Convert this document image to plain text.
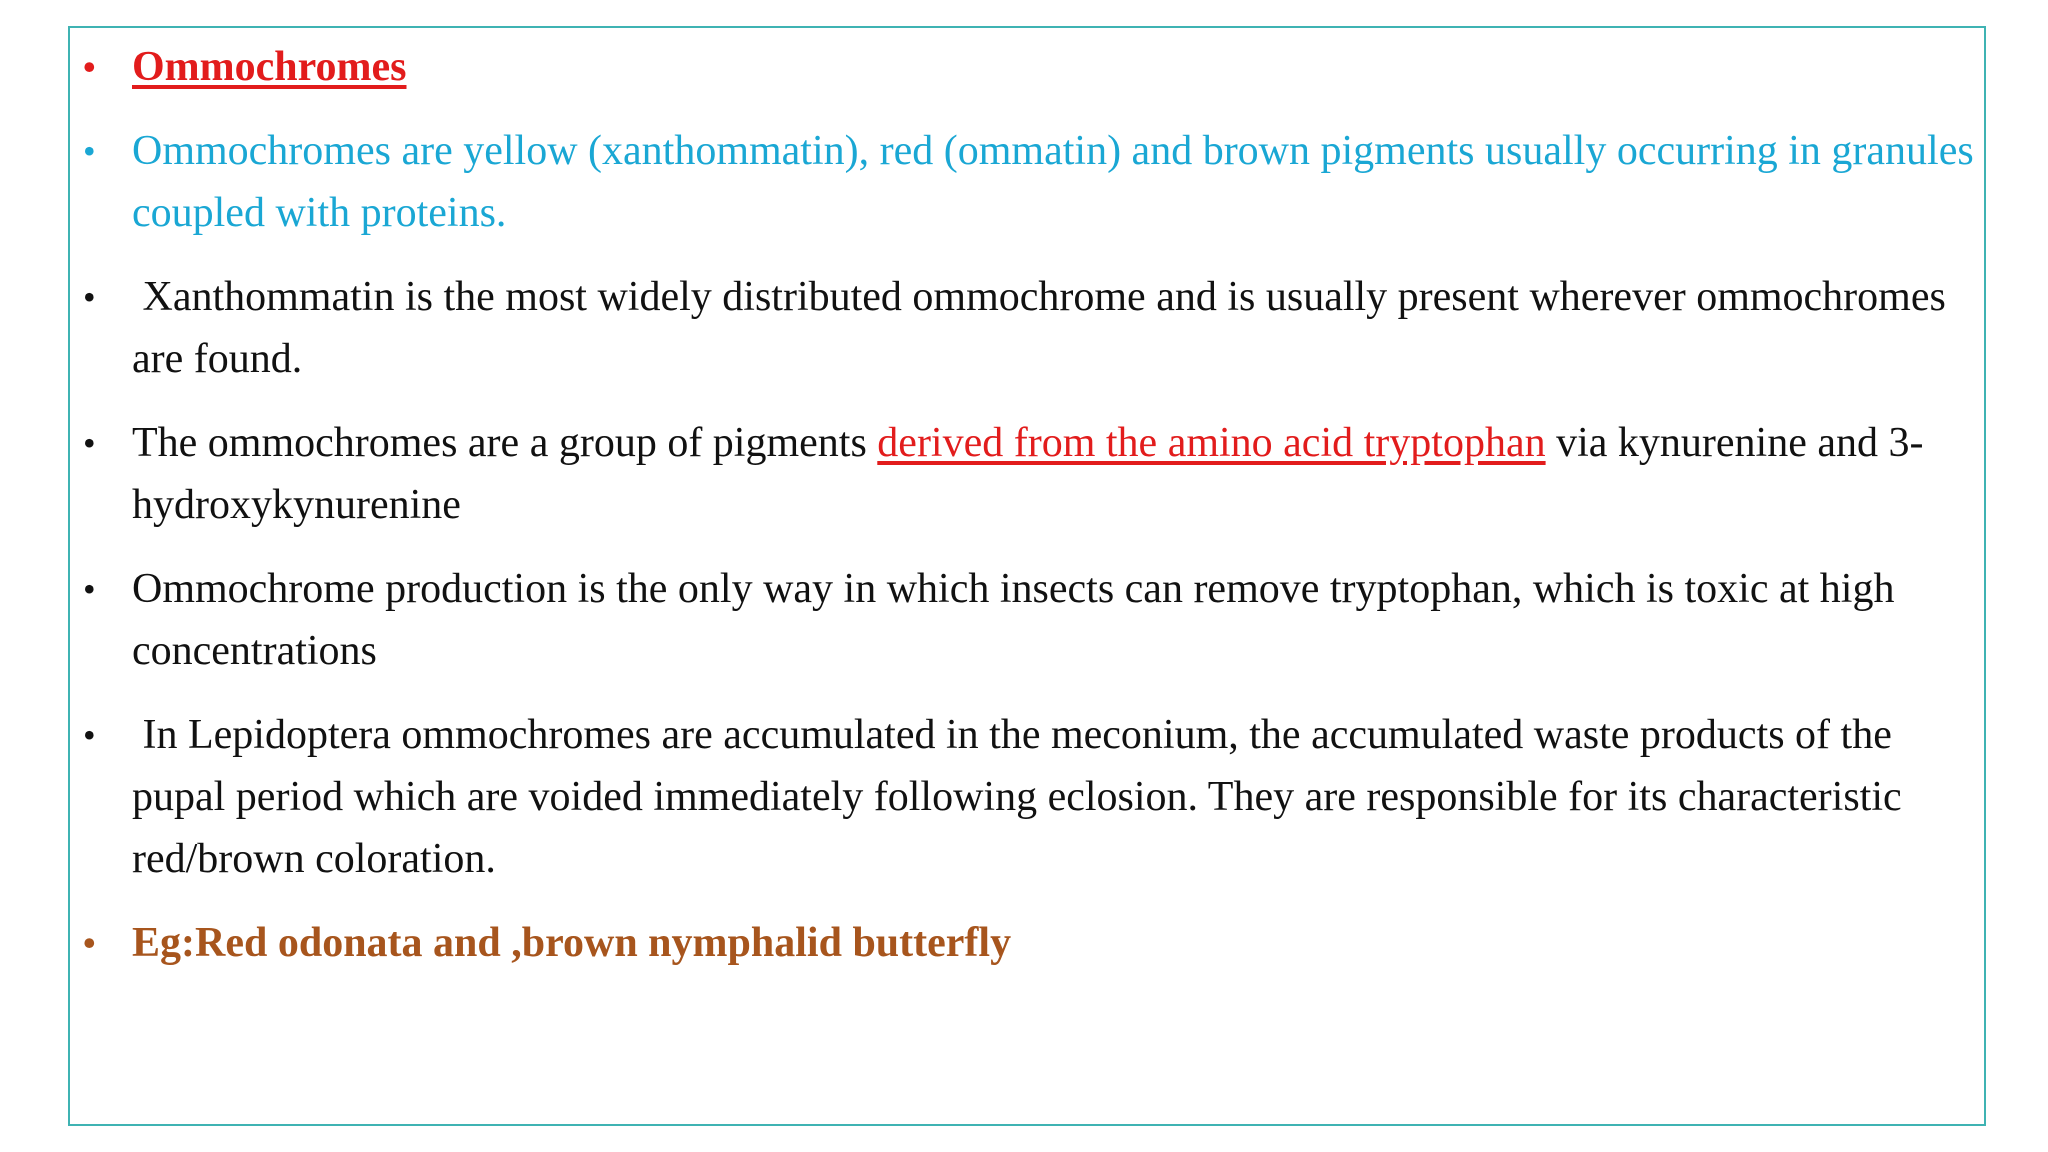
• Ommochromes
• Ommochromes are yellow (xanthommatin), red (ommatin) and brown pigments usually occurring in granules coupled with proteins.
• Xanthommatin is the most widely distributed ommochrome and is usually present wherever ommochromes are found.
• The ommochromes are a group of pigments derived from the amino acid tryptophan via kynurenine and 3-hydroxykynurenine
• Ommochrome production is the only way in which insects can remove tryptophan, which is toxic at high concentrations
• In Lepidoptera ommochromes are accumulated in the meconium, the accumulated waste products of the pupal period which are voided immediately following eclosion. They are responsible for its characteristic red/brown coloration.
• Eg:Red odonata and ,brown nymphalid butterfly
